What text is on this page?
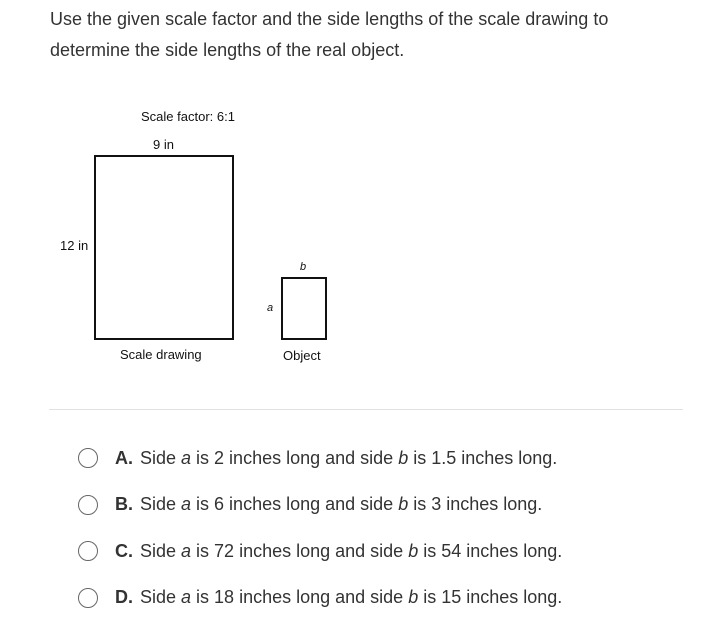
Use the given scale factor and the side lengths of the scale drawing to determine the side lengths of the real object.
Scale factor: 6:1
9 in
12 in
Scale drawing
b
a
Object
A. Side a is 2 inches long and side b is 1.5 inches long.
B. Side a is 6 inches long and side b is 3 inches long.
C. Side a is 72 inches long and side b is 54 inches long.
D. Side a is 18 inches long and side b is 15 inches long.
